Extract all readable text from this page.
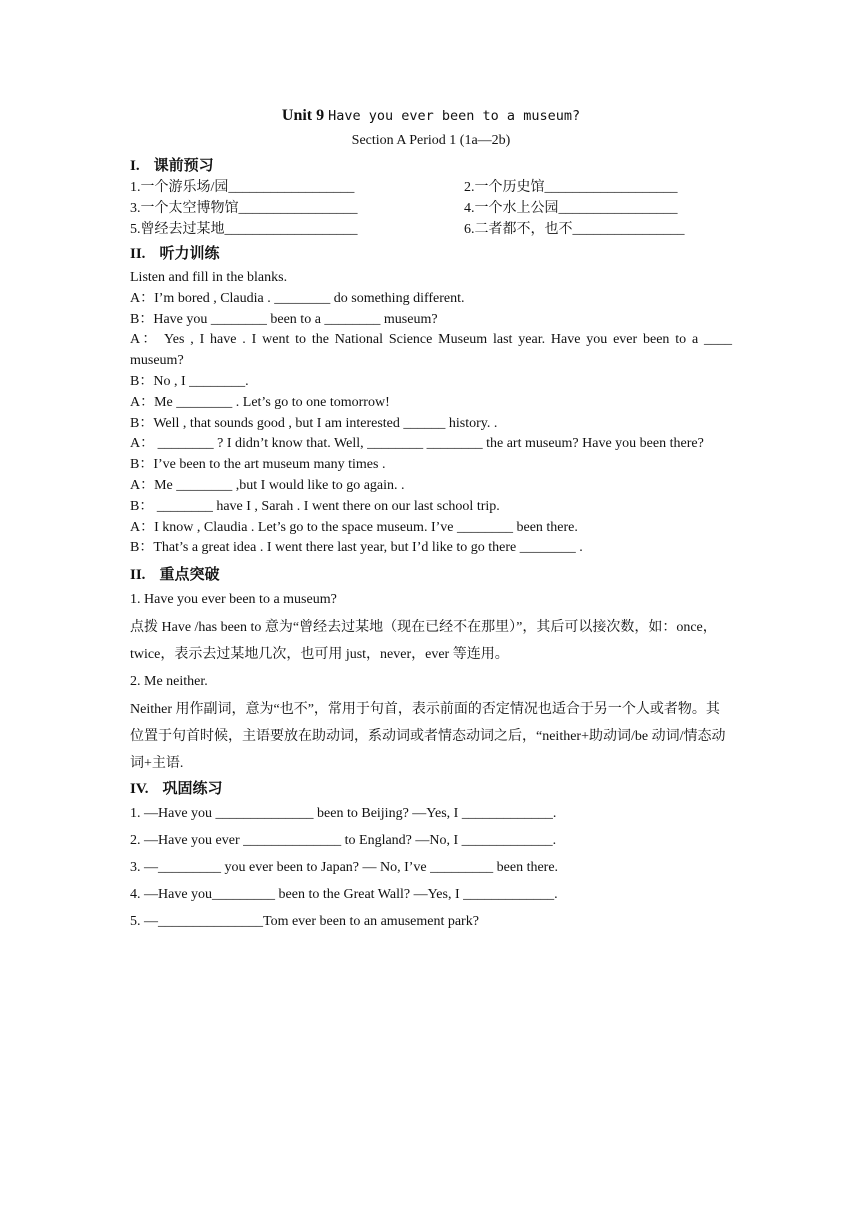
Unit 9 Have you ever been to a museum?
Section A Period 1 (1a—2b)
I. 课前预习
1.一个游乐场/园__________________	2.一个历史馆___________________
3.一个太空博物馆_________________	4.一个水上公园_________________
5.曾经去过某地___________________	6.二者都不，也不________________
II. 听力训练
Listen and fill in the blanks.
A：I’m bored , Claudia . ________ do something different.
B：Have you ________ been to a ________ museum?
A： Yes , I have . I went to the National Science Museum last year. Have you ever been to a ____ museum?
B：No , I ________.
A：Me ________ . Let’s go to one tomorrow!
B：Well , that sounds good , but I am interested ______ history. .
A： ________ ? I didn’t know that. Well, ________ ________ the art museum? Have you been there?
B：I’ve been to the art museum many times .
A：Me ________ ,but I would like to go again. .
B： ________ have I , Sarah . I went there on our last school trip.
A：I know , Claudia . Let’s go to the space museum. I’ve ________ been there.
B：That’s a great idea . I went there last year, but I’d like to go there ________ .
II. 重点突破
1. Have you ever been to a museum?
点拨 Have /has been to 意为“曾经去过某地（现在已经不在那里）”，其后可以接次数，如：once，twice，表示去过某地几次，也可用 just，never，ever 等连用。
2. Me neither.
Neither 用作副词，意为“也不”，常用于句首，表示前面的否定情况也适合于另一个人或者物。其位置于句首时候，主语要放在助动词，系动词或者情态动词之后，“neither+助动词/be 动词/情态动词+主语.
IV. 巩固练习
1. —Have you ______________ been to Beijing? —Yes, I _____________.
2. —Have you ever ______________ to England? —No, I _____________.
3. —_________ you ever been to Japan? — No, I’ve _________ been there.
4. —Have you_________ been to the Great Wall? —Yes, I _____________.
5. —_______________Tom ever been to an amusement park?
